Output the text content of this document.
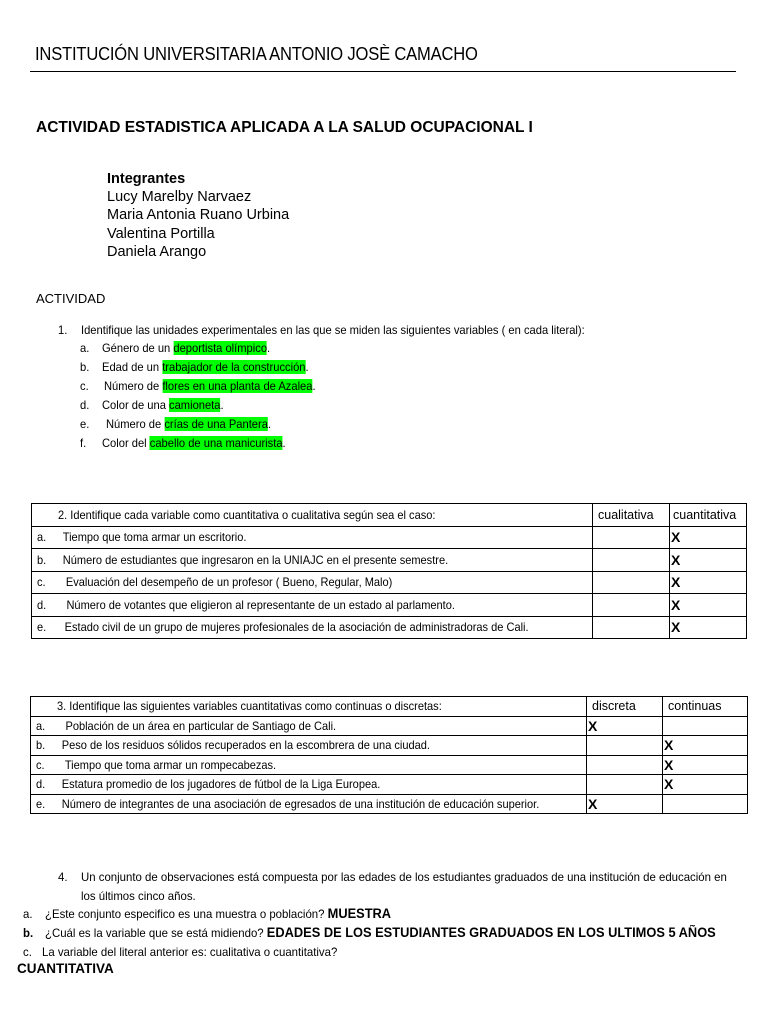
INSTITUCIÓN UNIVERSITARIA ANTONIO JOSÈ CAMACHO
ACTIVIDAD ESTADISTICA APLICADA A LA SALUD OCUPACIONAL I
Integrantes
Lucy Marelby Narvaez
Maria Antonia Ruano Urbina
Valentina Portilla
Daniela Arango
ACTIVIDAD
1. Identifique las unidades experimentales en las que se miden las siguientes variables ( en cada literal):
a. Género de un deportista olímpico.
b. Edad de un trabajador de la construcción.
c. Número de flores en una planta de Azalea.
d. Color de una camioneta.
e. Número de crías de una Pantera.
f. Color del cabello de una manicurista.
2. Identifique cada variable como cuantitativa o cualitativa según sea el caso:	cualitativa	cuantitativa
a. Tiempo que toma armar un escritorio.		X
b. Número de estudiantes que ingresaron en la UNIAJC en el presente semestre.		X
c. Evaluación del desempeño de un profesor ( Bueno, Regular, Malo)		X
d. Número de votantes que eligieron al representante de un estado al parlamento.		X
e. Estado civil de un grupo de mujeres profesionales de la asociación de administradoras de Cali.		X
3. Identifique las siguientes variables cuantitativas como continuas o discretas:	discreta	continuas
a. Población de un área en particular de Santiago de Cali.	X	
b. Peso de los residuos sólidos recuperados en la escombrera de una ciudad.		X
c. Tiempo que toma armar un rompecabezas.		X
d. Estatura promedio de los jugadores de fútbol de la Liga Europea.		X
e. Número de integrantes de una asociación de egresados de una institución de educación superior.	X	
4. Un conjunto de observaciones está compuesta por las edades de los estudiantes graduados de una institución de educación en
los últimos cinco años.
a. ¿Este conjunto especifico es una muestra o población? MUESTRA
b. ¿Cuál es la variable que se está midiendo? EDADES DE LOS ESTUDIANTES GRADUADOS EN LOS ULTIMOS 5 AÑOS
c. La variable del literal anterior es: cualitativa o cuantitativa?
CUANTITATIVA
